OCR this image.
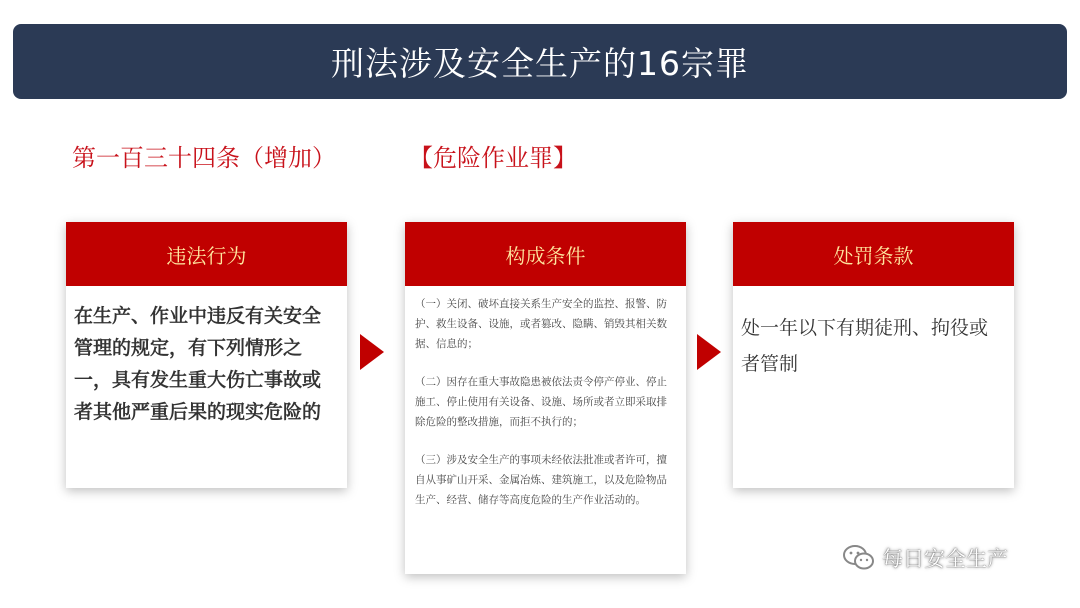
刑法涉及安全生产的16宗罪
第一百三十四条（增加）	【危险作业罪】
违法行为
在生产、作业中违反有关安全管理的规定，有下列情形之一，具有发生重大伤亡事故或者其他严重后果的现实危险的
构成条件

（一）关闭、破坏直接关系生产安全的监控、报警、防护、救生设备、设施，或者篡改、隐瞒、销毁其相关数据、信息的；

（二）因存在重大事故隐患被依法责令停产停业、停止施工、停止使用有关设备、设施、场所或者立即采取排除危险的整改措施，而拒不执行的；

（三）涉及安全生产的事项未经依法批准或者许可，擅自从事矿山开采、金属冶炼、建筑施工，以及危险物品生产、经营、储存等高度危险的生产作业活动的。

处罚条款
处一年以下有期徒刑、拘役或者管制
每日安全生产
